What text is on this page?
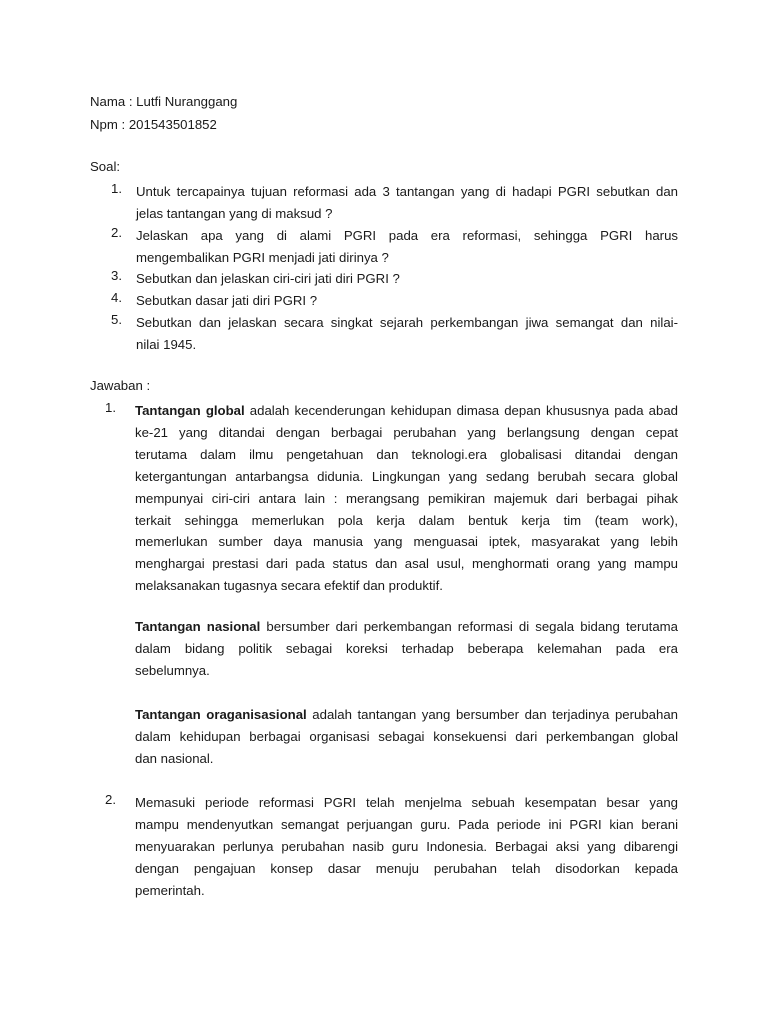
Nama : Lutfi Nuranggang
Npm : 201543501852
Soal:
1. Untuk tercapainya tujuan reformasi ada 3 tantangan yang di hadapi PGRI sebutkan dan
jelas tantangan yang di maksud ?
2. Jelaskan apa yang di alami PGRI pada era reformasi, sehingga PGRI harus
mengembalikan PGRI menjadi jati dirinya ?
3. Sebutkan dan jelaskan ciri-ciri jati diri PGRI ?
4. Sebutkan dasar jati diri PGRI ?
5. Sebutkan dan jelaskan secara singkat sejarah perkembangan jiwa semangat dan nilai-
nilai 1945.
Jawaban :
1. Tantangan global adalah kecenderungan kehidupan dimasa depan khususnya pada abad
ke-21 yang ditandai dengan berbagai perubahan yang berlangsung dengan cepat
terutama dalam ilmu pengetahuan dan teknologi.era globalisasi ditandai dengan
ketergantungan antarbangsa didunia. Lingkungan yang sedang berubah secara global
mempunyai ciri-ciri antara lain : merangsang pemikiran majemuk dari berbagai pihak
terkait sehingga memerlukan pola kerja dalam bentuk kerja tim (team work),
memerlukan sumber daya manusia yang menguasai iptek, masyarakat yang lebih
menghargai prestasi dari pada status dan asal usul, menghormati orang yang mampu
melaksanakan tugasnya secara efektif dan produktif.
Tantangan nasional bersumber dari perkembangan reformasi di segala bidang terutama
dalam bidang politik sebagai koreksi terhadap beberapa kelemahan pada era
sebelumnya.
Tantangan oraganisasional adalah tantangan yang bersumber dan terjadinya perubahan
dalam kehidupan berbagai organisasi sebagai konsekuensi dari perkembangan global
dan nasional.
2. Memasuki periode reformasi PGRI telah menjelma sebuah kesempatan besar yang
mampu mendenyutkan semangat perjuangan guru. Pada periode ini PGRI kian berani
menyuarakan perlunya perubahan nasib guru Indonesia. Berbagai aksi yang dibarengi
dengan pengajuan konsep dasar menuju perubahan telah disodorkan kepada
pemerintah.
